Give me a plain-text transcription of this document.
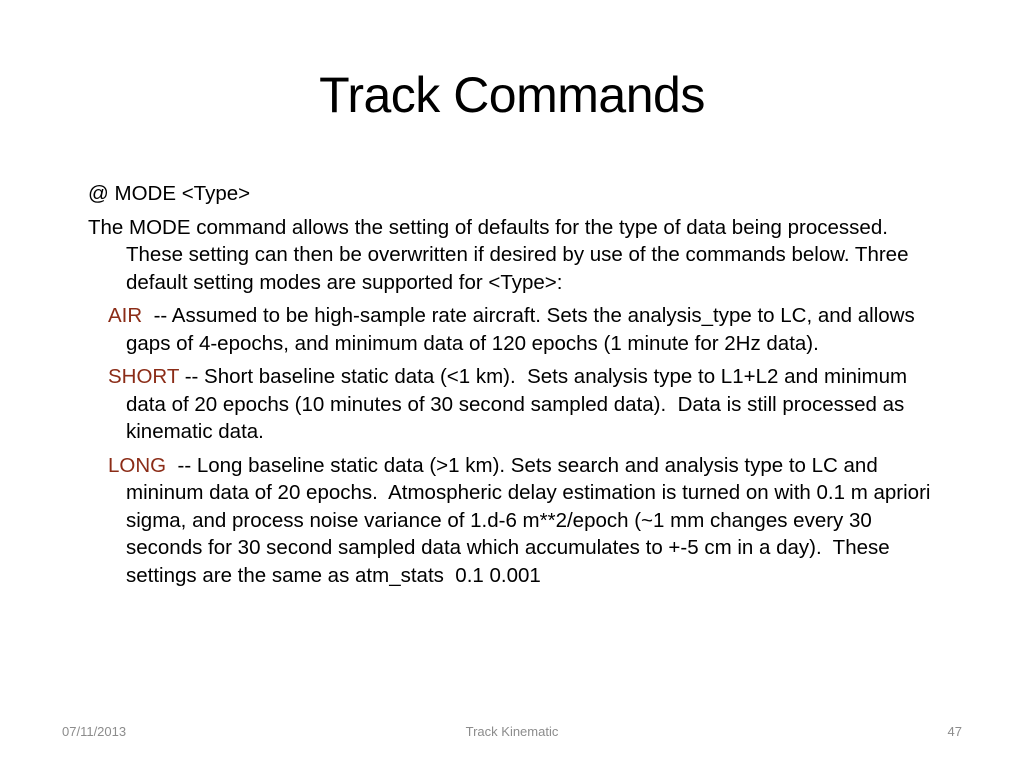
Track Commands

@ MODE <Type>

The MODE command allows the setting of defaults for the type of data being processed. These setting can then be overwritten if desired by use of the commands below. Three default setting modes are supported for <Type>:

AIR  -- Assumed to be high-sample rate aircraft. Sets the analysis_type to LC, and allows gaps of 4-epochs, and minimum data of 120 epochs (1 minute for 2Hz data).

SHORT -- Short baseline static data (<1 km).  Sets analysis type to L1+L2 and minimum data of 20 epochs (10 minutes of 30 second sampled data).  Data is still processed as kinematic data.

LONG  -- Long baseline static data (>1 km). Sets search and analysis type to LC and mininum data of 20 epochs.  Atmospheric delay estimation is turned on with 0.1 m apriori sigma, and process noise variance of 1.d-6 m**2/epoch (~1 mm changes every 30 seconds for 30 second sampled data which accumulates to +-5 cm in a day).  These settings are the same as atm_stats  0.1 0.001

07/11/2013	Track Kinematic	47
